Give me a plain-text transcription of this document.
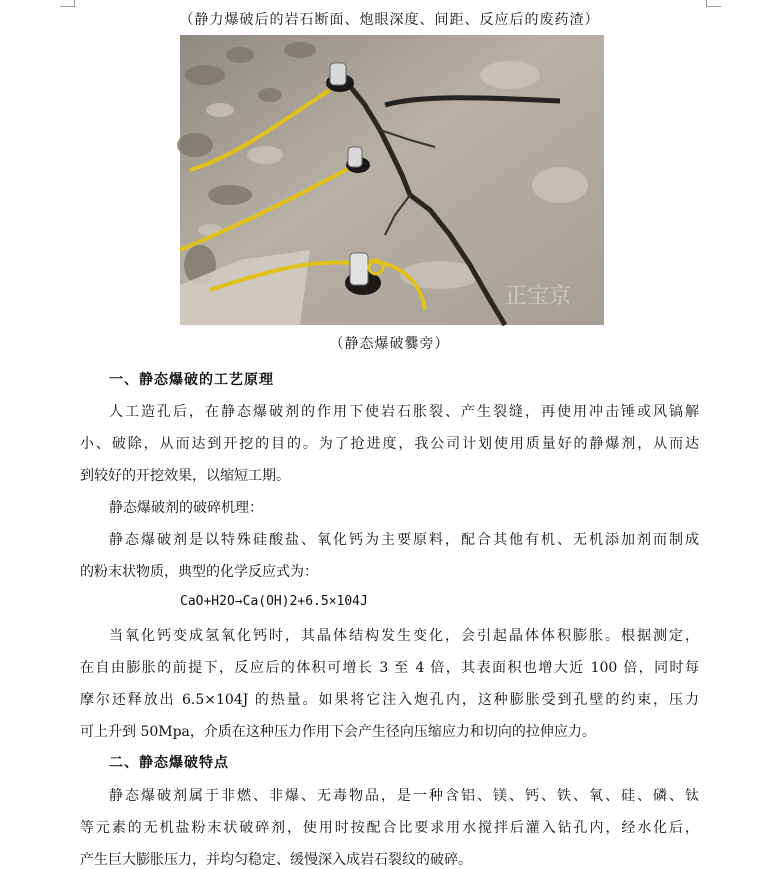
（静力爆破后的岩石断面、炮眼深度、间距、反应后的废药渣）
正宝京
（静态爆破爨旁）
一、静态爆破的工艺原理
人工造孔后，在静态爆破剂的作用下使岩石胀裂、产生裂缝，再使用冲击锤或风镐解
小、破除，从而达到开挖的目的。为了抢进度，我公司计划使用质量好的静爆剂，从而达
到较好的开挖效果，以缩短工期。
静态爆破剂的破碎机理：
静态爆破剂是以特殊硅酸盐、氧化钙为主要原料，配合其他有机、无机添加剂而制成
的粉末状物质，典型的化学反应式为：
CaO+H2O→Ca(OH)2+6.5×104J
当氧化钙变成氢氧化钙时，其晶体结构发生变化，会引起晶体体积膨胀。根据测定，
在自由膨胀的前提下，反应后的体积可增长 3 至 4 倍，其表面积也增大近 100 倍，同时每
摩尔还释放出 6.5×104J 的热量。如果将它注入炮孔内，这种膨胀受到孔壁的约束，压力
可上升到 50Mpa，介质在这种压力作用下会产生径向压缩应力和切向的拉伸应力。
二、静态爆破特点
静态爆破剂属于非燃、非爆、无毒物品，是一种含铝、镁、钙、铁、氧、硅、磷、钛
等元素的无机盐粉末状破碎剂，使用时按配合比要求用水搅拌后灌入钻孔内，经水化后，
产生巨大膨胀压力，并均匀稳定、缓慢深入成岩石裂纹的破碎。
